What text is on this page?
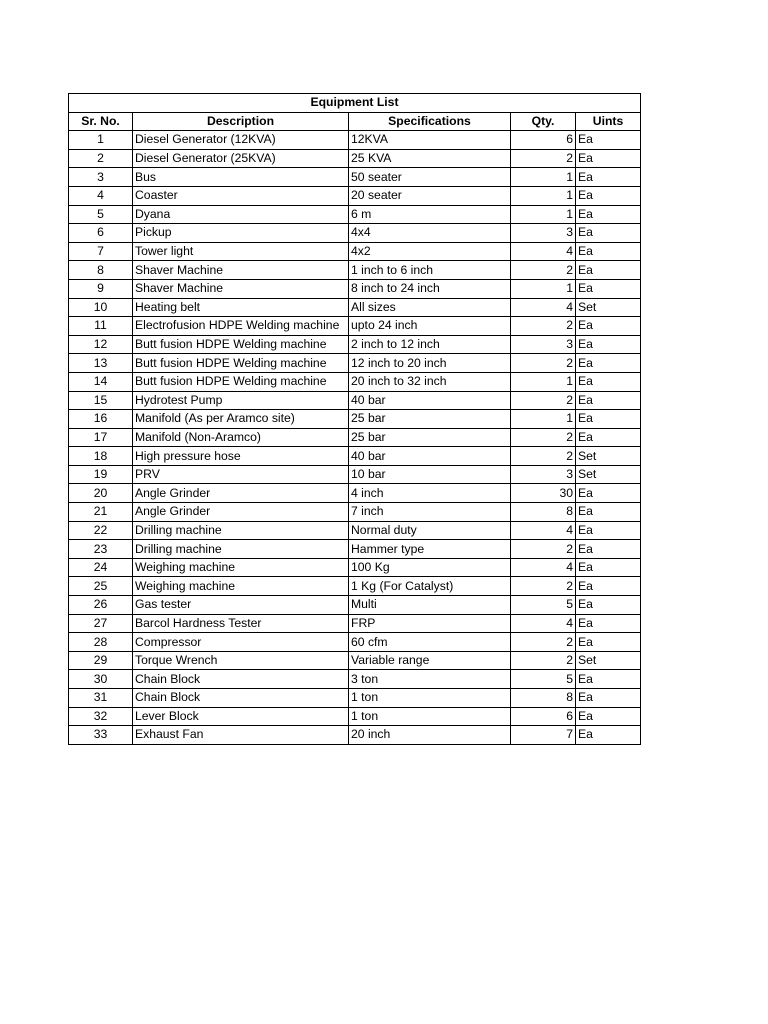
Equipment List				
Sr. No.	Description	Specifications	Qty.	Uints
1	Diesel Generator (12KVA)	12KVA	6	Ea
2	Diesel Generator (25KVA)	25 KVA	2	Ea
3	Bus	50 seater	1	Ea
4	Coaster	20 seater	1	Ea
5	Dyana	6 m	1	Ea
6	Pickup	4x4	3	Ea
7	Tower light	4x2	4	Ea
8	Shaver Machine	1 inch to 6 inch	2	Ea
9	Shaver Machine	8 inch to 24 inch	1	Ea
10	Heating belt	All sizes	4	Set
11	Electrofusion HDPE Welding machine	upto 24 inch	2	Ea
12	Butt fusion HDPE Welding machine	2 inch to 12 inch	3	Ea
13	Butt fusion HDPE Welding machine	12 inch to 20 inch	2	Ea
14	Butt fusion HDPE Welding machine	20 inch to 32 inch	1	Ea
15	Hydrotest Pump	40 bar	2	Ea
16	Manifold (As per Aramco site)	25 bar	1	Ea
17	Manifold (Non-Aramco)	25 bar	2	Ea
18	High pressure hose	40 bar	2	Set
19	PRV	10 bar	3	Set
20	Angle Grinder	4 inch	30	Ea
21	Angle Grinder	7 inch	8	Ea
22	Drilling machine	Normal duty	4	Ea
23	Drilling machine	Hammer type	2	Ea
24	Weighing machine	100 Kg	4	Ea
25	Weighing machine	1 Kg (For Catalyst)	2	Ea
26	Gas tester	Multi	5	Ea
27	Barcol Hardness Tester	FRP	4	Ea
28	Compressor	60 cfm	2	Ea
29	Torque Wrench	Variable range	2	Set
30	Chain Block	3 ton	5	Ea
31	Chain Block	1 ton	8	Ea
32	Lever Block	1 ton	6	Ea
33	Exhaust Fan	20 inch	7	Ea
